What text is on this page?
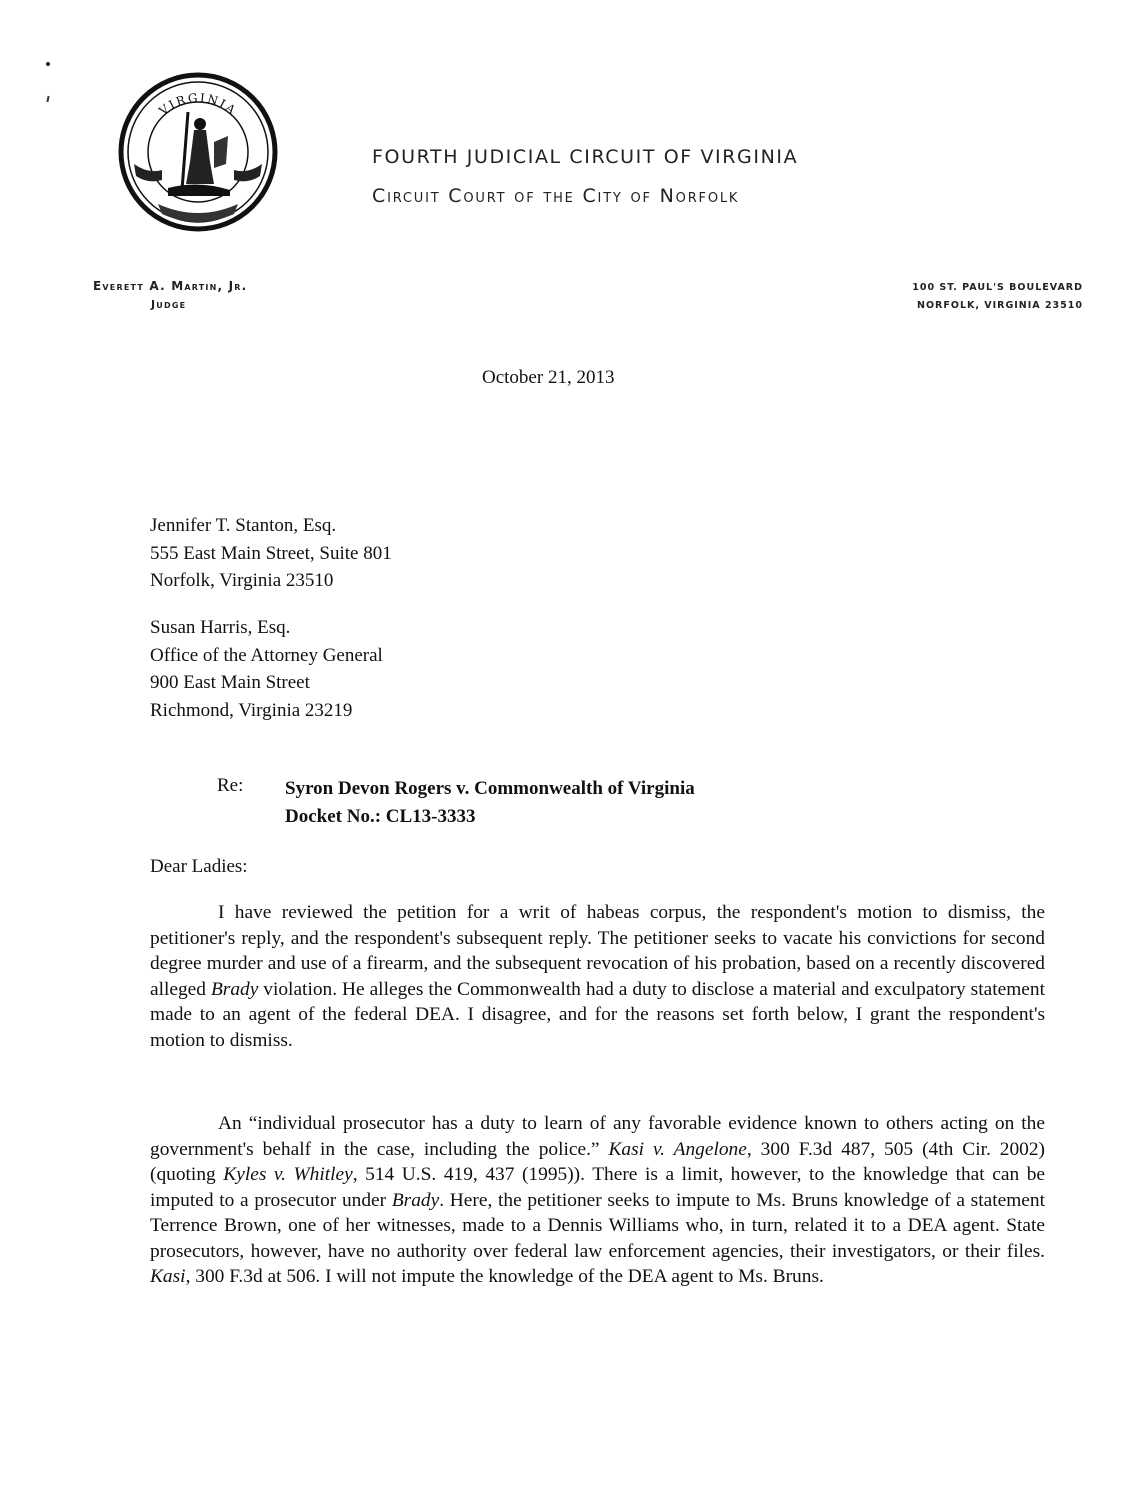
VIRGINIA
FOURTH JUDICIAL CIRCUIT OF VIRGINIA
Circuit Court of the City of Norfolk
Everett A. Martin, Jr.
Judge
100 ST. PAUL'S BOULEVARD
NORFOLK, VIRGINIA 23510
October 21, 2013
Jennifer T. Stanton, Esq.
555 East Main Street, Suite 801
Norfolk, Virginia 23510
Susan Harris, Esq.
Office of the Attorney General
900 East Main Street
Richmond, Virginia 23219
Re: Syron Devon Rogers v. Commonwealth of Virginia
Docket No.: CL13-3333
Dear Ladies:

I have reviewed the petition for a writ of habeas corpus, the respondent's motion to dismiss, the petitioner's reply, and the respondent's subsequent reply. The petitioner seeks to vacate his convictions for second degree murder and use of a firearm, and the subsequent revocation of his probation, based on a recently discovered alleged Brady violation. He alleges the Commonwealth had a duty to disclose a material and exculpatory statement made to an agent of the federal DEA. I disagree, and for the reasons set forth below, I grant the respondent's motion to dismiss.

An “individual prosecutor has a duty to learn of any favorable evidence known to others acting on the government's behalf in the case, including the police.” Kasi v. Angelone, 300 F.3d 487, 505 (4th Cir. 2002) (quoting Kyles v. Whitley, 514 U.S. 419, 437 (1995)). There is a limit, however, to the knowledge that can be imputed to a prosecutor under Brady. Here, the petitioner seeks to impute to Ms. Bruns knowledge of a statement Terrence Brown, one of her witnesses, made to a Dennis Williams who, in turn, related it to a DEA agent. State prosecutors, however, have no authority over federal law enforcement agencies, their investigators, or their files. Kasi, 300 F.3d at 506. I will not impute the knowledge of the DEA agent to Ms. Bruns.
